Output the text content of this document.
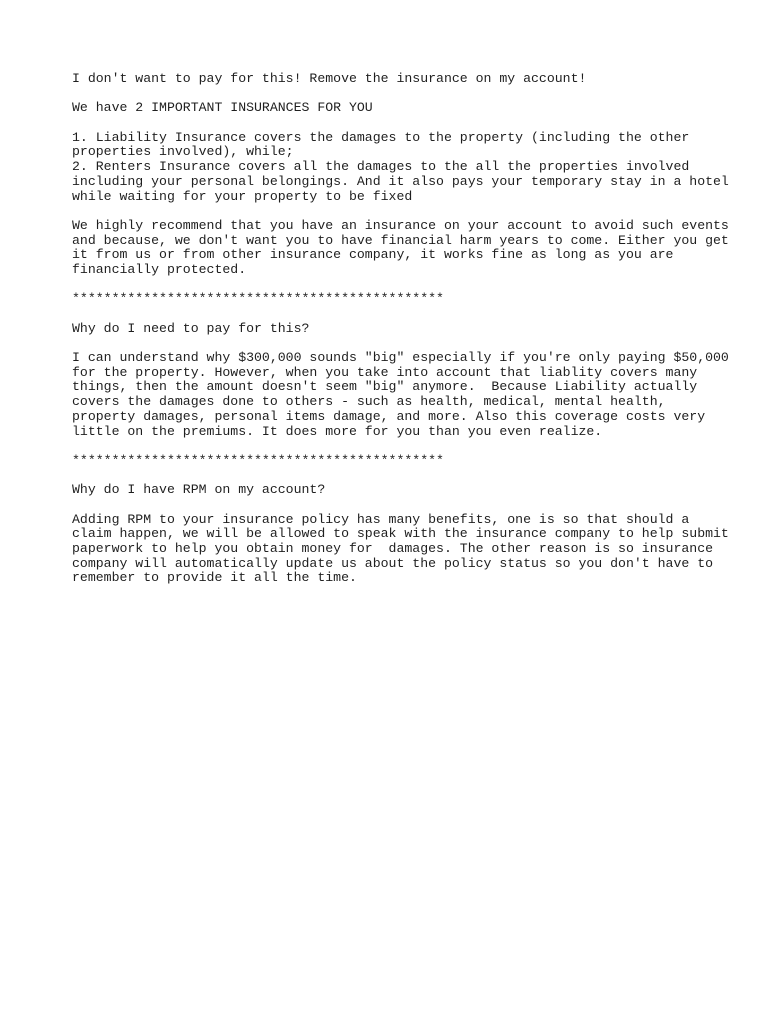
I don't want to pay for this! Remove the insurance on my account!
We have 2 IMPORTANT INSURANCES FOR YOU
1. Liability Insurance covers the damages to the property (including the other
properties involved), while;
2. Renters Insurance covers all the damages to the all the properties involved
including your personal belongings. And it also pays your temporary stay in a hotel
while waiting for your property to be fixed
We highly recommend that you have an insurance on your account to avoid such events
and because, we don't want you to have financial harm years to come. Either you get
it from us or from other insurance company, it works fine as long as you are
financially protected.
***********************************************
Why do I need to pay for this?
I can understand why $300,000 sounds "big" especially if you're only paying $50,000
for the property. However, when you take into account that liablity covers many
things, then the amount doesn't seem "big" anymore.  Because Liability actually
covers the damages done to others - such as health, medical, mental health,
property damages, personal items damage, and more. Also this coverage costs very
little on the premiums. It does more for you than you even realize.
***********************************************
Why do I have RPM on my account?
Adding RPM to your insurance policy has many benefits, one is so that should a
claim happen, we will be allowed to speak with the insurance company to help submit
paperwork to help you obtain money for  damages. The other reason is so insurance
company will automatically update us about the policy status so you don't have to
remember to provide it all the time.
